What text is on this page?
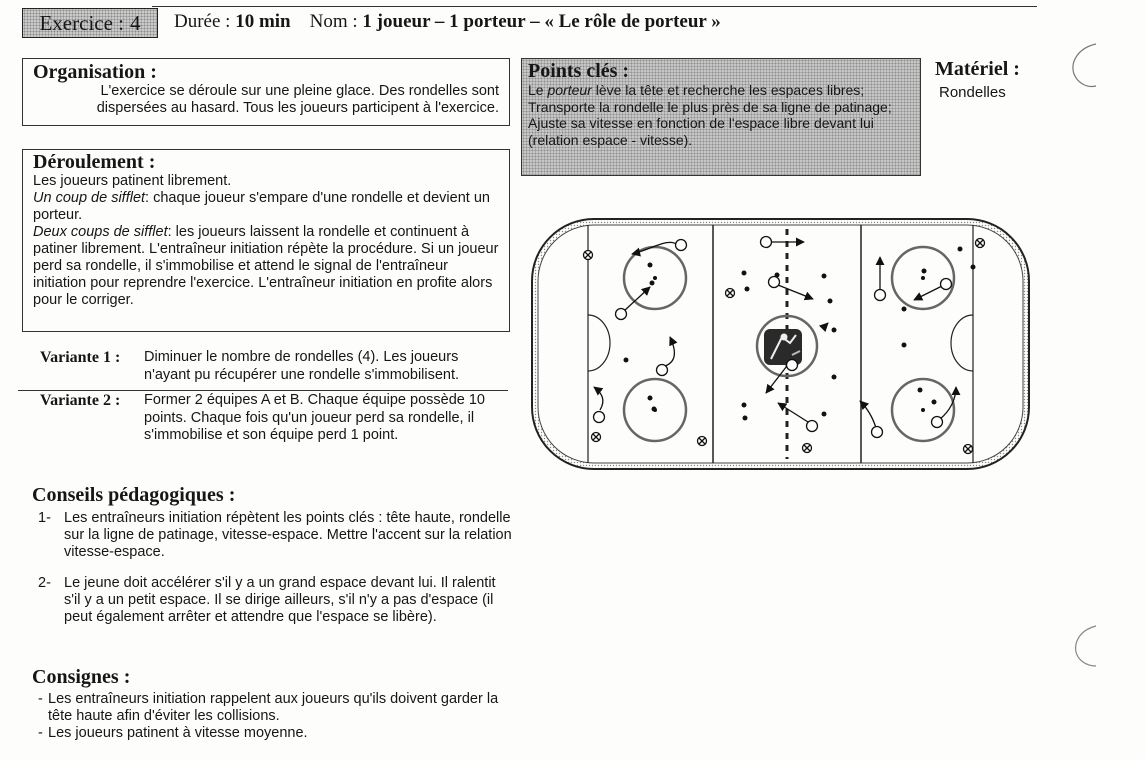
Exercice : 4 Durée : 10 min Nom : 1 joueur – 1 porteur – « Le rôle de porteur »
Organisation :
L'exercice se déroule sur une pleine glace. Des rondelles sont
dispersées au hasard. Tous les joueurs participent à l'exercice.
Déroulement :

Les joueurs patinent librement.

Un coup de sifflet: chaque joueur s'empare d'une rondelle et devient un porteur.

Deux coups de sifflet: les joueurs laissent la rondelle et continuent à patiner librement. L'entraîneur initiation répète la procédure. Si un joueur perd sa rondelle, il s'immobilise et attend le signal de l'entraîneur initiation pour reprendre l'exercice. L'entraîneur initiation en profite alors pour le corriger.

Points clés :
Le porteur lève la tête et recherche les espaces libres;
Transporte la rondelle le plus près de sa ligne de patinage;
Ajuste sa vitesse en fonction de l'espace libre devant lui (relation espace - vitesse).
Matériel :
Rondelles
Variante 1 : Diminuer le nombre de rondelles (4). Les joueurs n'ayant pu récupérer une rondelle s'immobilisent.
Variante 2 : Former 2 équipes A et B. Chaque équipe possède 10 points. Chaque fois qu'un joueur perd sa rondelle, il s'immobilise et son équipe perd 1 point.
Conseils pédagogiques :
1- Les entraîneurs initiation répètent les points clés : tête haute, rondelle sur la ligne de patinage, vitesse-espace. Mettre l'accent sur la relation vitesse-espace.
2- Le jeune doit accélérer s'il y a un grand espace devant lui. Il ralentit s'il y a un petit espace. Il se dirige ailleurs, s'il n'y a pas d'espace (il peut également arrêter et attendre que l'espace se libère).
Consignes :
- Les entraîneurs initiation rappelent aux joueurs qu'ils doivent garder la tête haute afin d'éviter les collisions.
- Les joueurs patinent à vitesse moyenne.
